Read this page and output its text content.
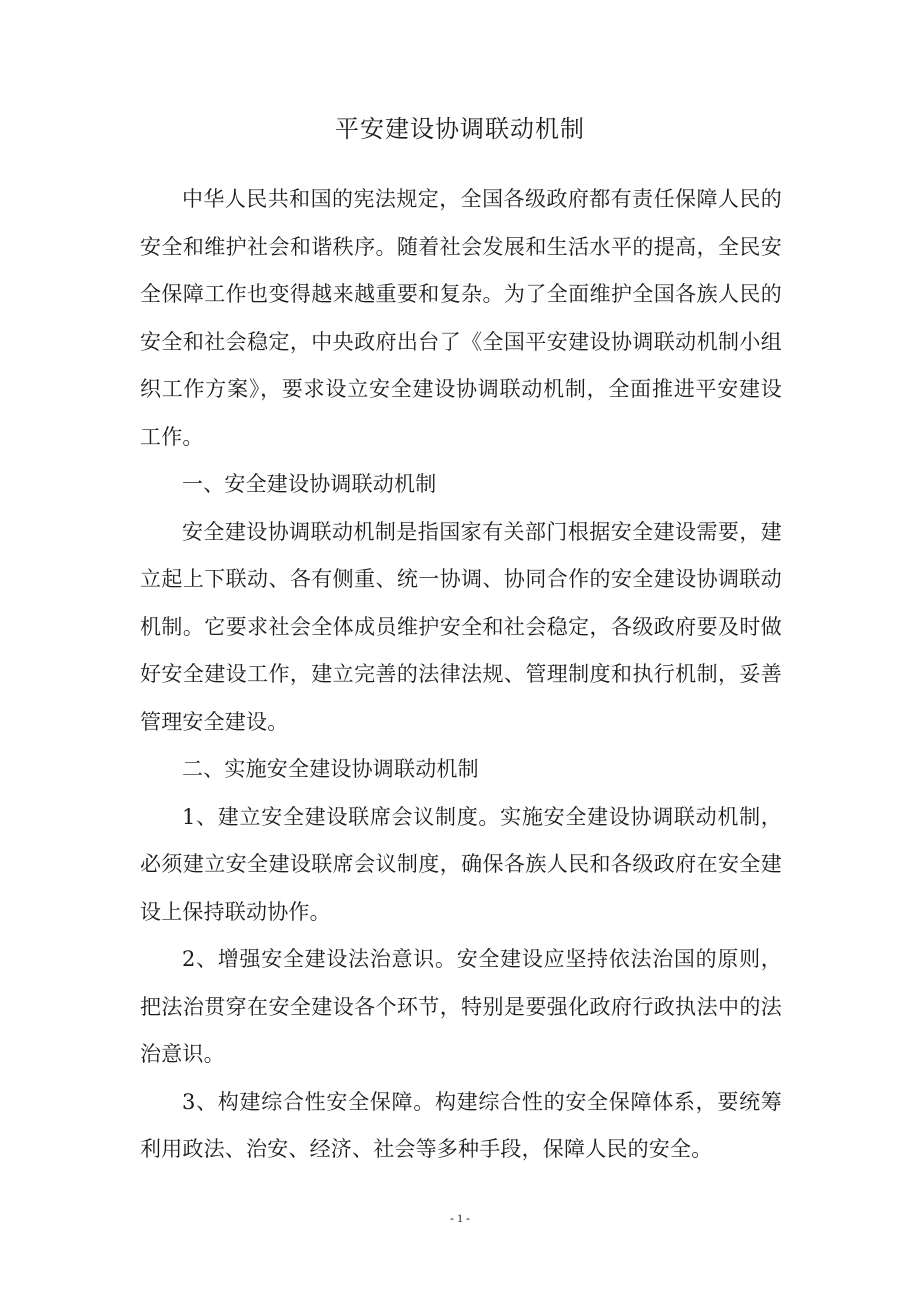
平安建设协调联动机制

中华人民共和国的宪法规定，全国各级政府都有责任保障人民的安全和维护社会和谐秩序。随着社会发展和生活水平的提高，全民安全保障工作也变得越来越重要和复杂。为了全面维护全国各族人民的安全和社会稳定，中央政府出台了《全国平安建设协调联动机制小组织工作方案》，要求设立安全建设协调联动机制，全面推进平安建设工作。

一、安全建设协调联动机制

安全建设协调联动机制是指国家有关部门根据安全建设需要，建立起上下联动、各有侧重、统一协调、协同合作的安全建设协调联动机制。它要求社会全体成员维护安全和社会稳定，各级政府要及时做好安全建设工作，建立完善的法律法规、管理制度和执行机制，妥善管理安全建设。

二、实施安全建设协调联动机制

1、建立安全建设联席会议制度。实施安全建设协调联动机制，必须建立安全建设联席会议制度，确保各族人民和各级政府在安全建设上保持联动协作。

2、增强安全建设法治意识。安全建设应坚持依法治国的原则，把法治贯穿在安全建设各个环节，特别是要强化政府行政执法中的法治意识。

3、构建综合性安全保障。构建综合性的安全保障体系，要统筹利用政法、治安、经济、社会等多种手段，保障人民的安全。

- 1 -
